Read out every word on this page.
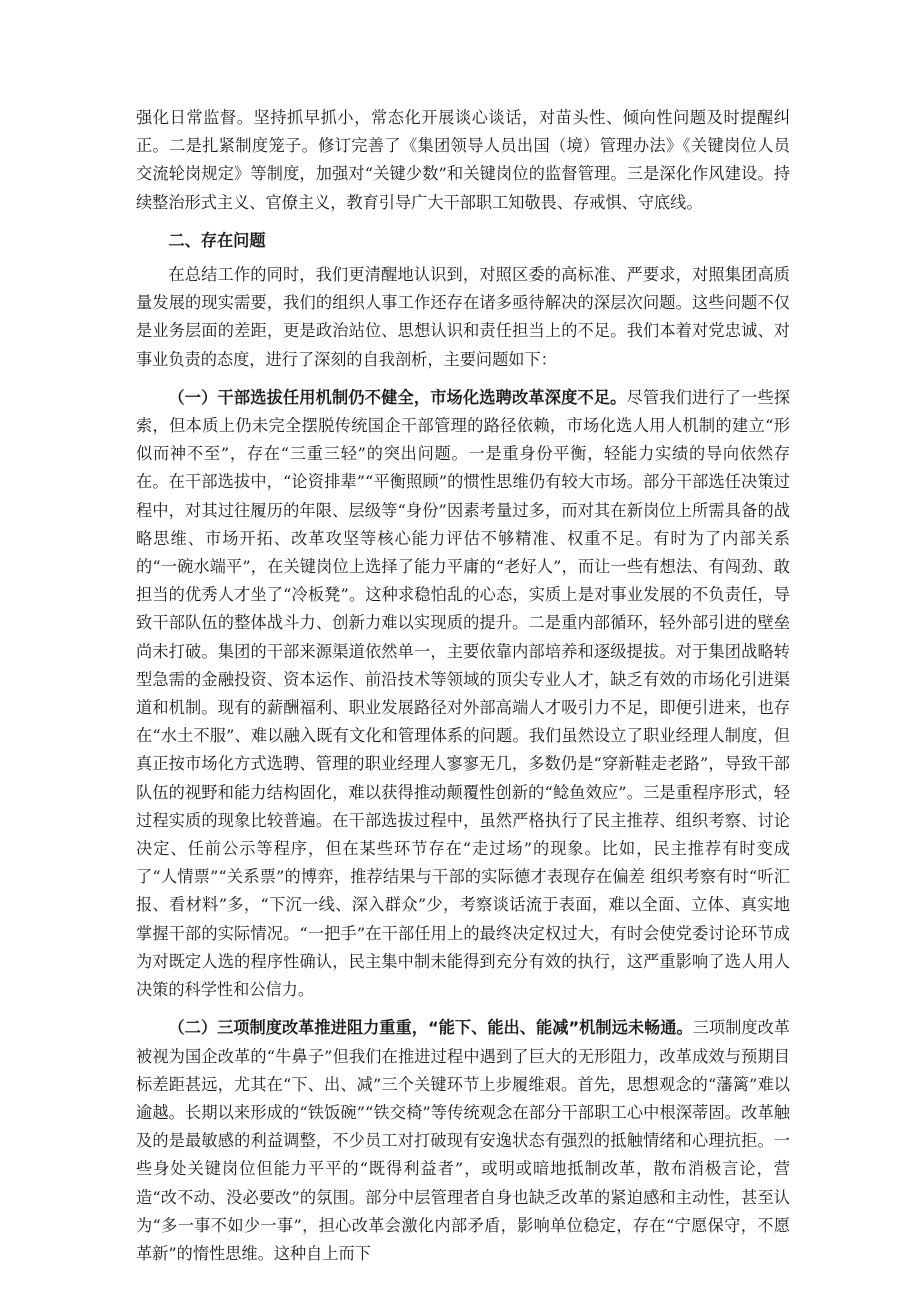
强化日常监督。坚持抓早抓小，常态化开展谈心谈话，对苗头性、倾向性问题及时提醒纠正。二是扎紧制度笼子。修订完善了《集团领导人员出国（境）管理办法》《关键岗位人员交流轮岗规定》等制度，加强对“关键少数”和关键岗位的监督管理。三是深化作风建设。持续整治形式主义、官僚主义，教育引导广大干部职工知敬畏、存戒惧、守底线。

二、存在问题

在总结工作的同时，我们更清醒地认识到，对照区委的高标准、严要求，对照集团高质量发展的现实需要，我们的组织人事工作还存在诸多亟待解决的深层次问题。这些问题不仅是业务层面的差距，更是政治站位、思想认识和责任担当上的不足。我们本着对党忠诚、对事业负责的态度，进行了深刻的自我剖析，主要问题如下：

（一）干部选拔任用机制仍不健全，市场化选聘改革深度不足。尽管我们进行了一些探索，但本质上仍未完全摆脱传统国企干部管理的路径依赖，市场化选人用人机制的建立“形似而神不至”，存在“三重三轻”的突出问题。一是重身份平衡，轻能力实绩的导向依然存在。在干部选拔中，“论资排辈”“平衡照顾”的惯性思维仍有较大市场。部分干部选任决策过程中，对其过往履历的年限、层级等“身份”因素考量过多，而对其在新岗位上所需具备的战略思维、市场开拓、改革攻坚等核心能力评估不够精准、权重不足。有时为了内部关系的“一碗水端平”，在关键岗位上选择了能力平庸的“老好人”，而让一些有想法、有闯劲、敢担当的优秀人才坐了“冷板凳”。这种求稳怕乱的心态，实质上是对事业发展的不负责任，导致干部队伍的整体战斗力、创新力难以实现质的提升。二是重内部循环，轻外部引进的壁垒尚未打破。集团的干部来源渠道依然单一，主要依靠内部培养和逐级提拔。对于集团战略转型急需的金融投资、资本运作、前沿技术等领域的顶尖专业人才，缺乏有效的市场化引进渠道和机制。现有的薪酬福利、职业发展路径对外部高端人才吸引力不足，即便引进来，也存在“水土不服”、难以融入既有文化和管理体系的问题。我们虽然设立了职业经理人制度，但真正按市场化方式选聘、管理的职业经理人寥寥无几，多数仍是“穿新鞋走老路”，导致干部队伍的视野和能力结构固化，难以获得推动颠覆性创新的“鲶鱼效应”。三是重程序形式，轻过程实质的现象比较普遍。在干部选拔过程中，虽然严格执行了民主推荐、组织考察、讨论决定、任前公示等程序，但在某些环节存在“走过场”的现象。比如，民主推荐有时变成了“人情票”“关系票”的博弈，推荐结果与干部的实际德才表现存在偏差 组织考察有时“听汇报、看材料”多，“下沉一线、深入群众”少，考察谈话流于表面，难以全面、立体、真实地掌握干部的实际情况。“一把手”在干部任用上的最终决定权过大，有时会使党委讨论环节成为对既定人选的程序性确认，民主集中制未能得到充分有效的执行，这严重影响了选人用人决策的科学性和公信力。

（二）三项制度改革推进阻力重重，“能下、能出、能减”机制远未畅通。三项制度改革被视为国企改革的“牛鼻子”但我们在推进过程中遇到了巨大的无形阻力，改革成效与预期目标差距甚远，尤其在“下、出、减”三个关键环节上步履维艰。首先，思想观念的“藩篱”难以逾越。长期以来形成的“铁饭碗”“铁交椅”等传统观念在部分干部职工心中根深蒂固。改革触及的是最敏感的利益调整，不少员工对打破现有安逸状态有强烈的抵触情绪和心理抗拒。一些身处关键岗位但能力平平的“既得利益者”，或明或暗地抵制改革，散布消极言论，营造“改不动、没必要改”的氛围。部分中层管理者自身也缺乏改革的紧迫感和主动性，甚至认为“多一事不如少一事”，担心改革会激化内部矛盾，影响单位稳定，存在“宁愿保守，不愿革新”的惰性思维。这种自上而下
